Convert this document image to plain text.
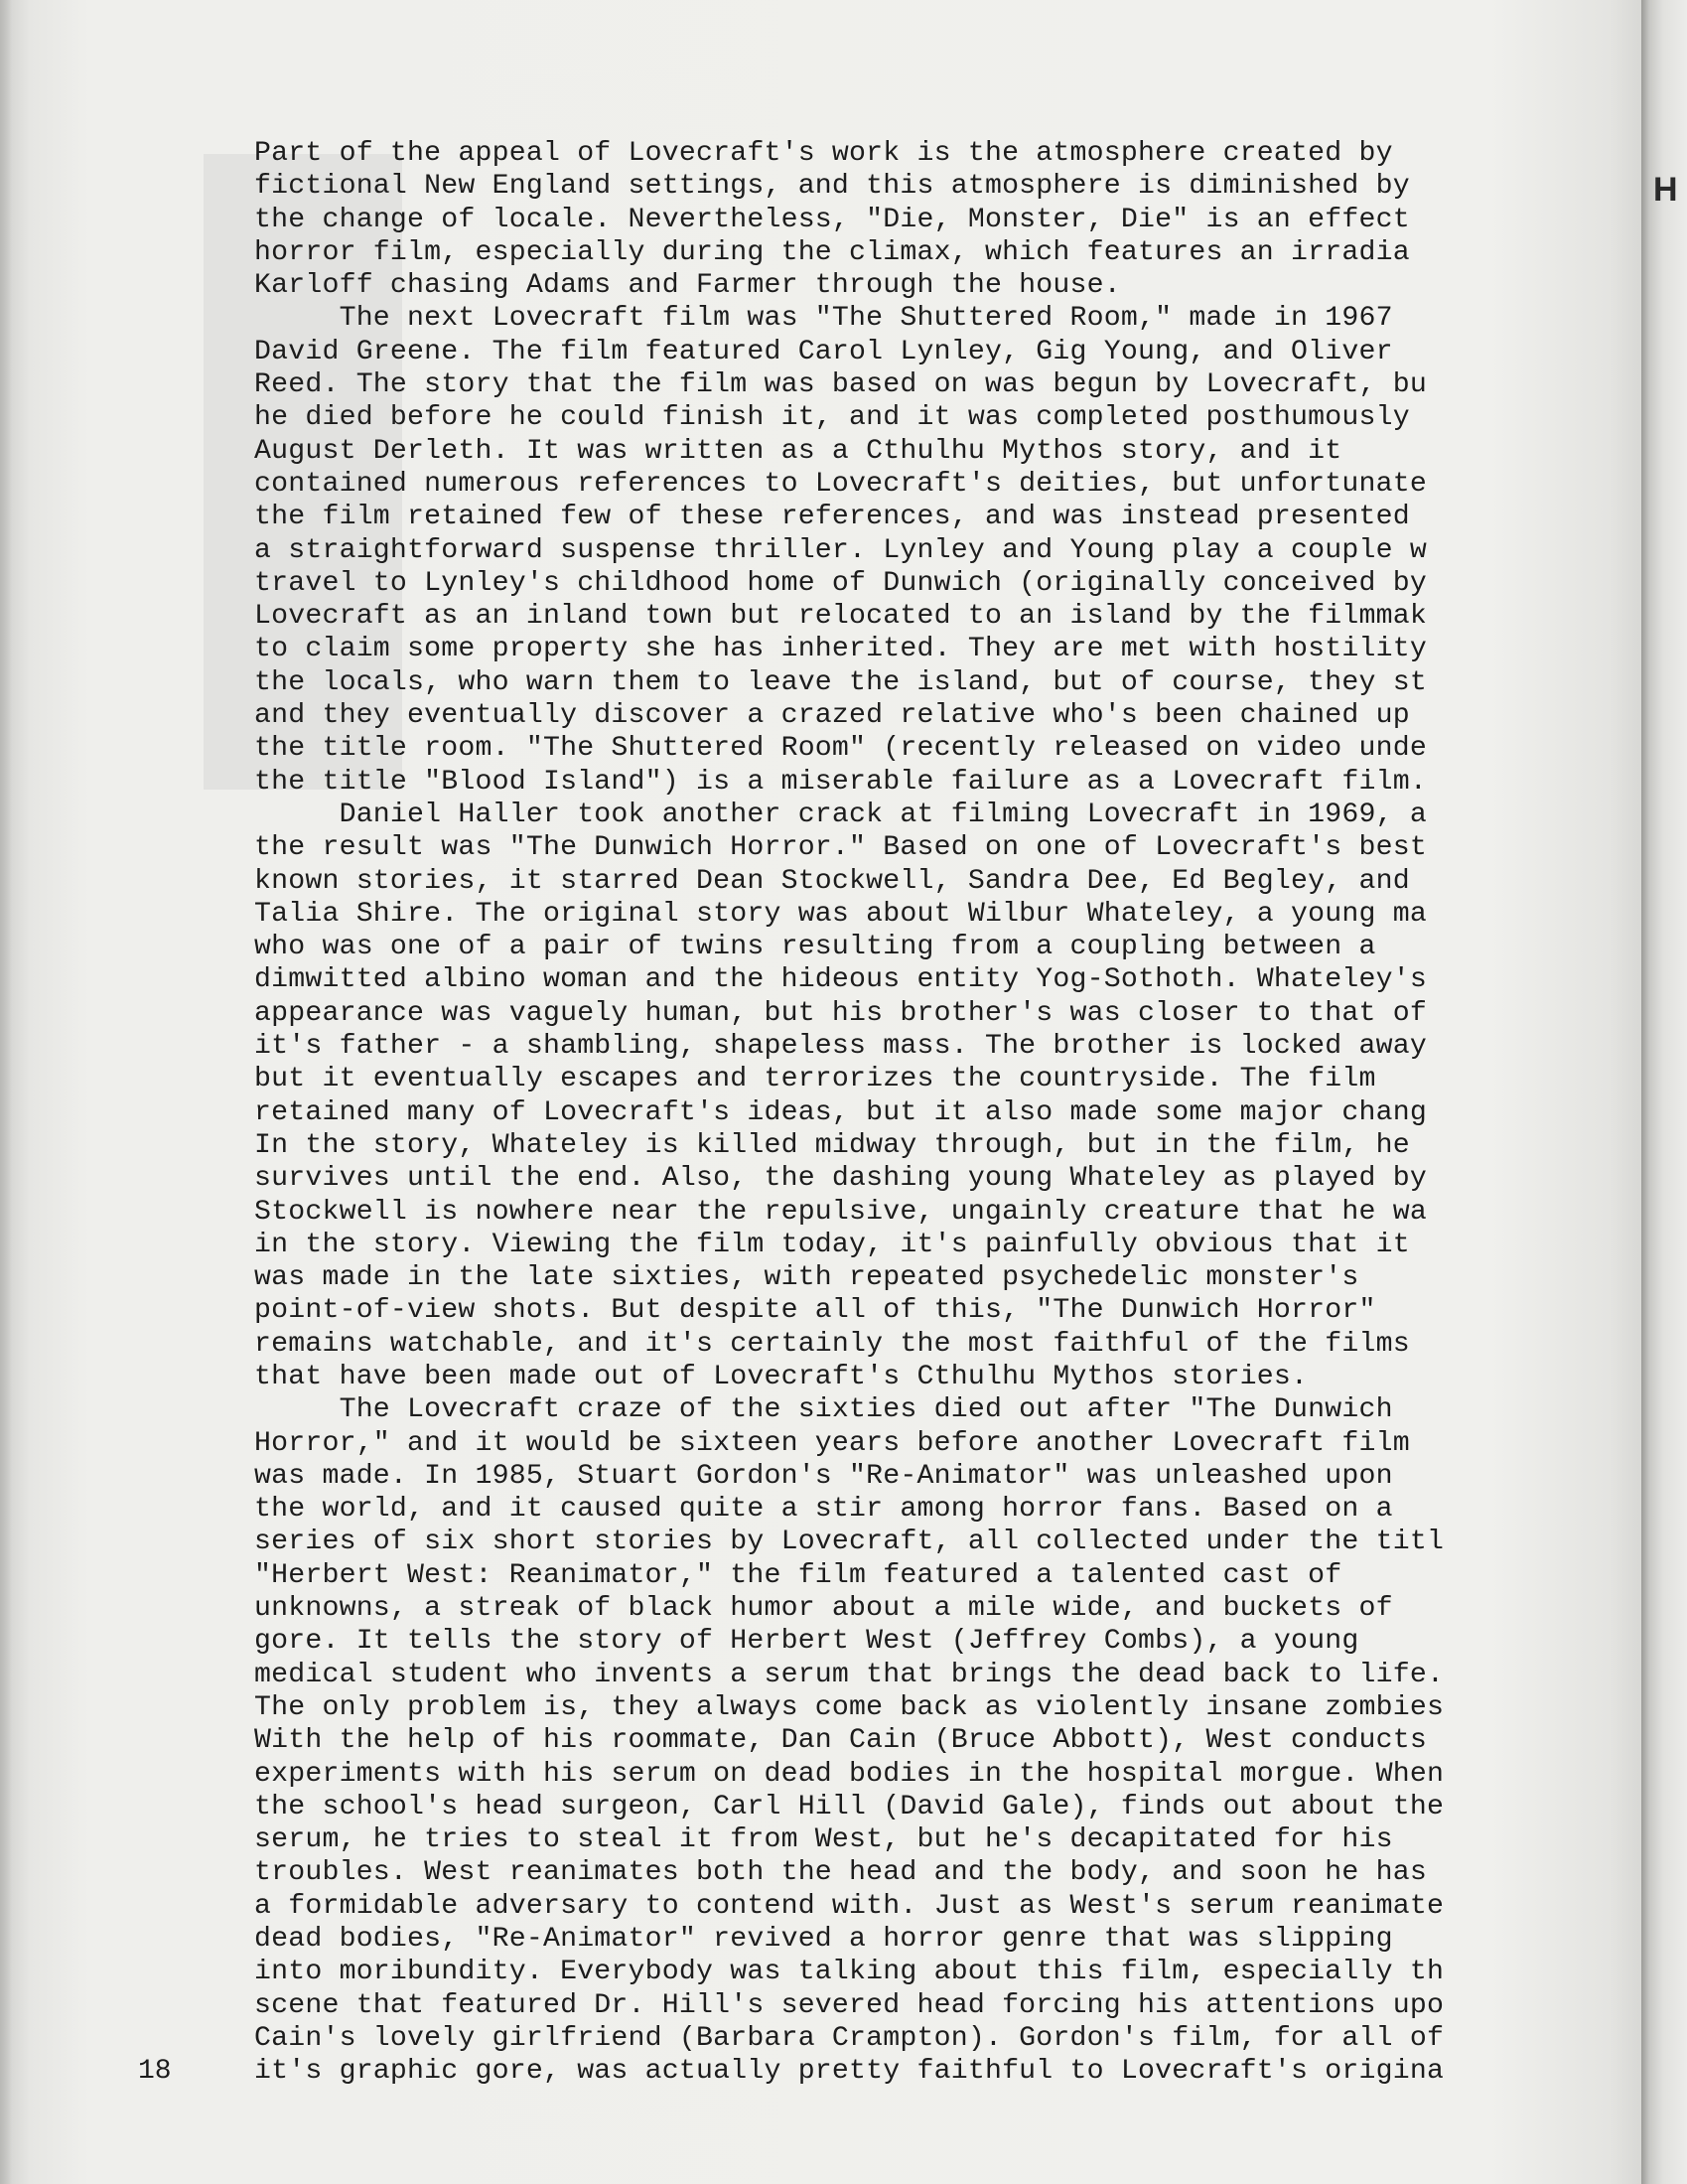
H
Part of the appeal of Lovecraft's work is the atmosphere created by
fictional New England settings, and this atmosphere is diminished by
the change of locale. Nevertheless, "Die, Monster, Die" is an effect
horror film, especially during the climax, which features an irradia
Karloff chasing Adams and Farmer through the house.
The next Lovecraft film was "The Shuttered Room," made in 1967
David Greene. The film featured Carol Lynley, Gig Young, and Oliver
Reed. The story that the film was based on was begun by Lovecraft, bu
he died before he could finish it, and it was completed posthumously
August Derleth. It was written as a Cthulhu Mythos story, and it
contained numerous references to Lovecraft's deities, but unfortunate
the film retained few of these references, and was instead presented
a straightforward suspense thriller. Lynley and Young play a couple w
travel to Lynley's childhood home of Dunwich (originally conceived by
Lovecraft as an inland town but relocated to an island by the filmmak
to claim some property she has inherited. They are met with hostility
the locals, who warn them to leave the island, but of course, they st
and they eventually discover a crazed relative who's been chained up
the title room. "The Shuttered Room" (recently released on video unde
the title "Blood Island") is a miserable failure as a Lovecraft film.
Daniel Haller took another crack at filming Lovecraft in 1969, a
the result was "The Dunwich Horror." Based on one of Lovecraft's best
known stories, it starred Dean Stockwell, Sandra Dee, Ed Begley, and
Talia Shire. The original story was about Wilbur Whateley, a young ma
who was one of a pair of twins resulting from a coupling between a
dimwitted albino woman and the hideous entity Yog-Sothoth. Whateley's
appearance was vaguely human, but his brother's was closer to that of
it's father - a shambling, shapeless mass. The brother is locked away
but it eventually escapes and terrorizes the countryside. The film
retained many of Lovecraft's ideas, but it also made some major chang
In the story, Whateley is killed midway through, but in the film, he
survives until the end. Also, the dashing young Whateley as played by
Stockwell is nowhere near the repulsive, ungainly creature that he wa
in the story. Viewing the film today, it's painfully obvious that it
was made in the late sixties, with repeated psychedelic monster's
point-of-view shots. But despite all of this, "The Dunwich Horror"
remains watchable, and it's certainly the most faithful of the films
that have been made out of Lovecraft's Cthulhu Mythos stories.
The Lovecraft craze of the sixties died out after "The Dunwich
Horror," and it would be sixteen years before another Lovecraft film
was made. In 1985, Stuart Gordon's "Re-Animator" was unleashed upon
the world, and it caused quite a stir among horror fans. Based on a
series of six short stories by Lovecraft, all collected under the titl
"Herbert West: Reanimator," the film featured a talented cast of
unknowns, a streak of black humor about a mile wide, and buckets of
gore. It tells the story of Herbert West (Jeffrey Combs), a young
medical student who invents a serum that brings the dead back to life.
The only problem is, they always come back as violently insane zombies
With the help of his roommate, Dan Cain (Bruce Abbott), West conducts
experiments with his serum on dead bodies in the hospital morgue. When
the school's head surgeon, Carl Hill (David Gale), finds out about the
serum, he tries to steal it from West, but he's decapitated for his
troubles. West reanimates both the head and the body, and soon he has
a formidable adversary to contend with. Just as West's serum reanimate
dead bodies, "Re-Animator" revived a horror genre that was slipping
into moribundity. Everybody was talking about this film, especially th
scene that featured Dr. Hill's severed head forcing his attentions upo
Cain's lovely girlfriend (Barbara Crampton). Gordon's film, for all of
it's graphic gore, was actually pretty faithful to Lovecraft's origina
18
